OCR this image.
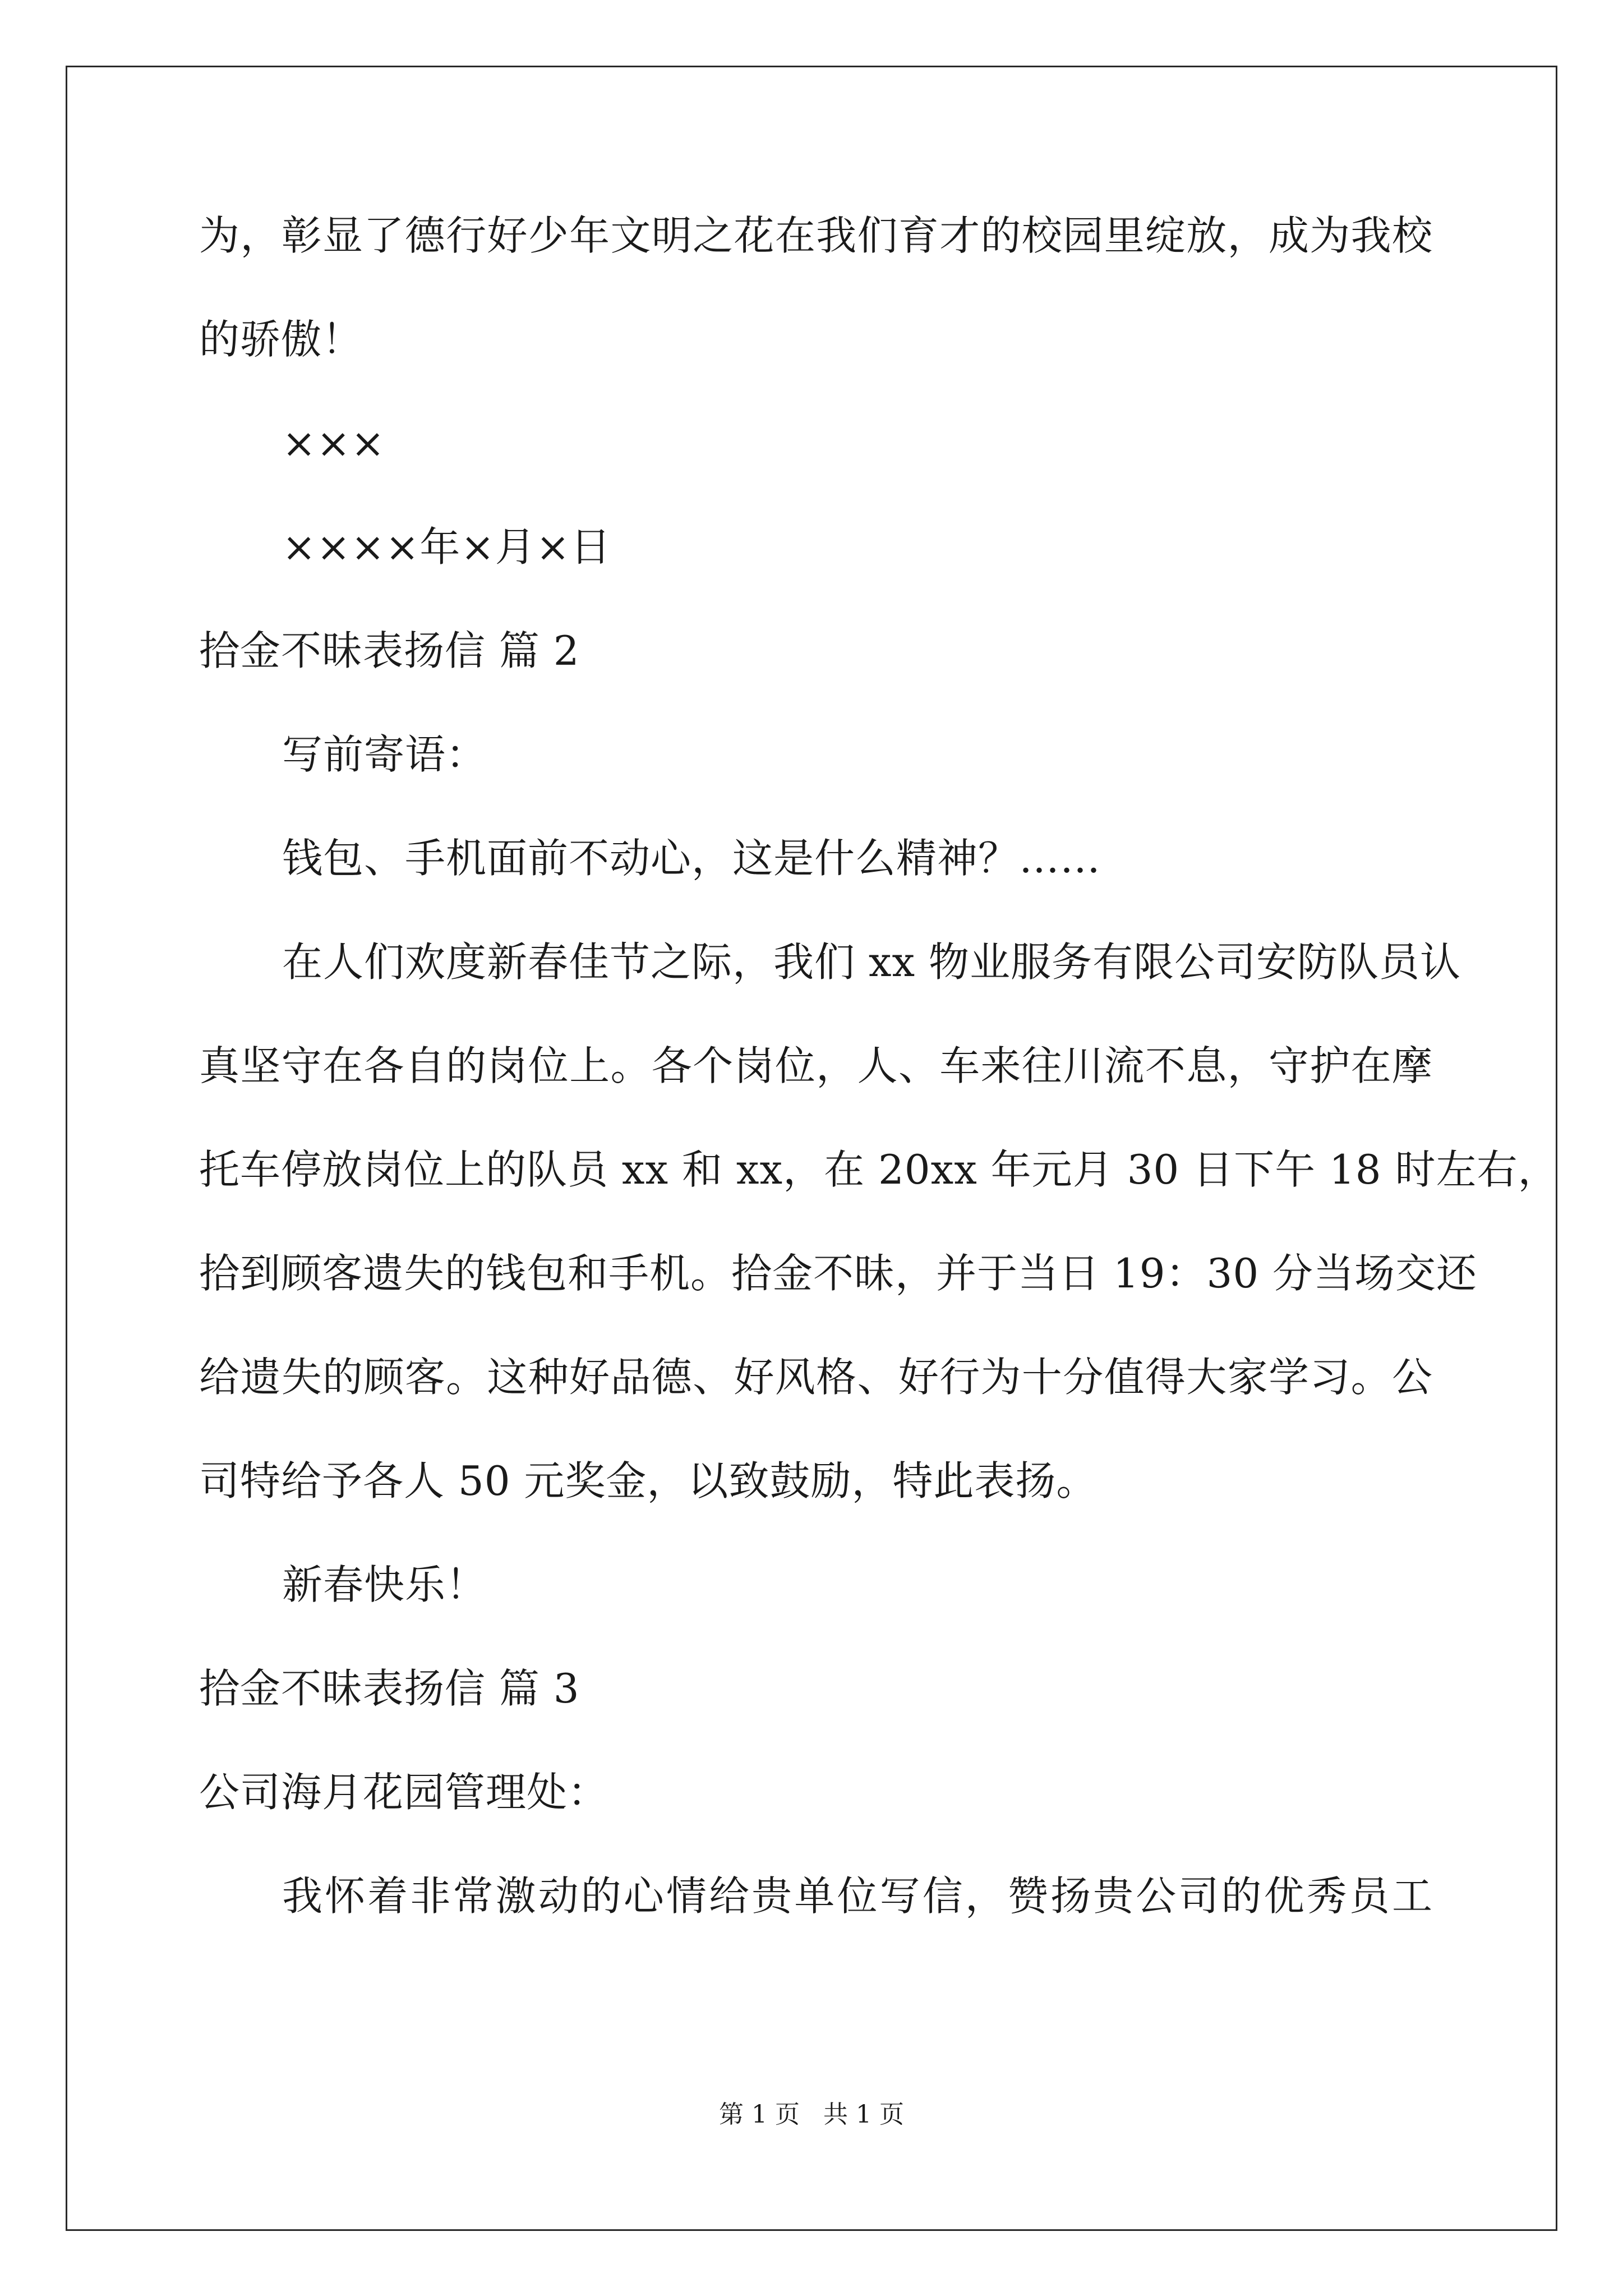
为，彰显了德行好少年文明之花在我们育才的校园里绽放，成为我校
的骄傲！
×××
××××年×月×日
拾金不昧表扬信 篇 2
写前寄语：
钱包、手机面前不动心，这是什么精神？……
在人们欢度新春佳节之际，我们 xx 物业服务有限公司安防队员认
真坚守在各自的岗位上。各个岗位，人、车来往川流不息，守护在摩
托车停放岗位上的队员 xx 和 xx，在 20xx 年元月 30 日下午 18 时左右，
拾到顾客遗失的钱包和手机。拾金不昧，并于当日 19：30 分当场交还
给遗失的顾客。这种好品德、好风格、好行为十分值得大家学习。公
司特给予各人 50 元奖金，以致鼓励，特此表扬。
新春快乐！
拾金不昧表扬信 篇 3
公司海月花园管理处：
我怀着非常激动的心情给贵单位写信，赞扬贵公司的优秀员工
第 1 页 共 1 页
